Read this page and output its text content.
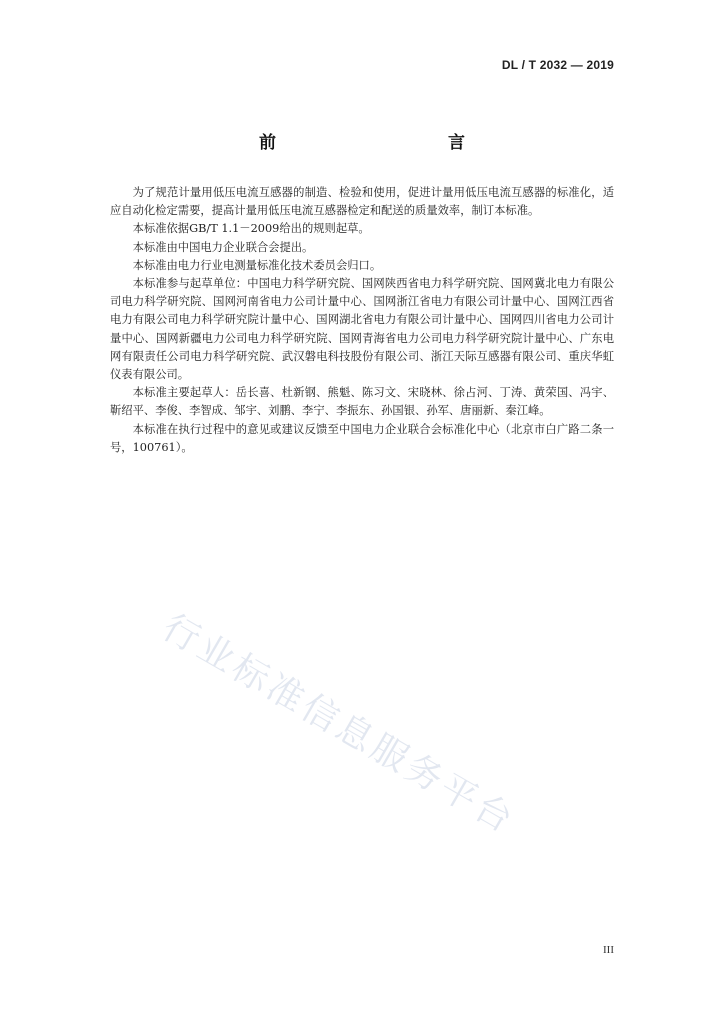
DL / T 2032 — 2019
前　　言

为了规范计量用低压电流互感器的制造、检验和使用，促进计量用低压电流互感器的标准化，适应自动化检定需要，提高计量用低压电流互感器检定和配送的质量效率，制订本标准。

本标准依据GB/T 1.1－2009给出的规则起草。

本标准由中国电力企业联合会提出。

本标准由电力行业电测量标准化技术委员会归口。

本标准参与起草单位：中国电力科学研究院、国网陕西省电力科学研究院、国网冀北电力有限公司电力科学研究院、国网河南省电力公司计量中心、国网浙江省电力有限公司计量中心、国网江西省电力有限公司电力科学研究院计量中心、国网湖北省电力有限公司计量中心、国网四川省电力公司计量中心、国网新疆电力公司电力科学研究院、国网青海省电力公司电力科学研究院计量中心、广东电网有限责任公司电力科学研究院、武汉磐电科技股份有限公司、浙江天际互感器有限公司、重庆华虹仪表有限公司。

本标准主要起草人：岳长喜、杜新钢、熊魁、陈习文、宋晓林、徐占河、丁涛、黄荣国、冯宇、靳绍平、李俊、李智成、邹宇、刘鹏、李宁、李振东、孙国银、孙军、唐丽新、秦江峰。

本标准在执行过程中的意见或建议反馈至中国电力企业联合会标准化中心（北京市白广路二条一号，100761）。

行业标准信息服务平台
III
